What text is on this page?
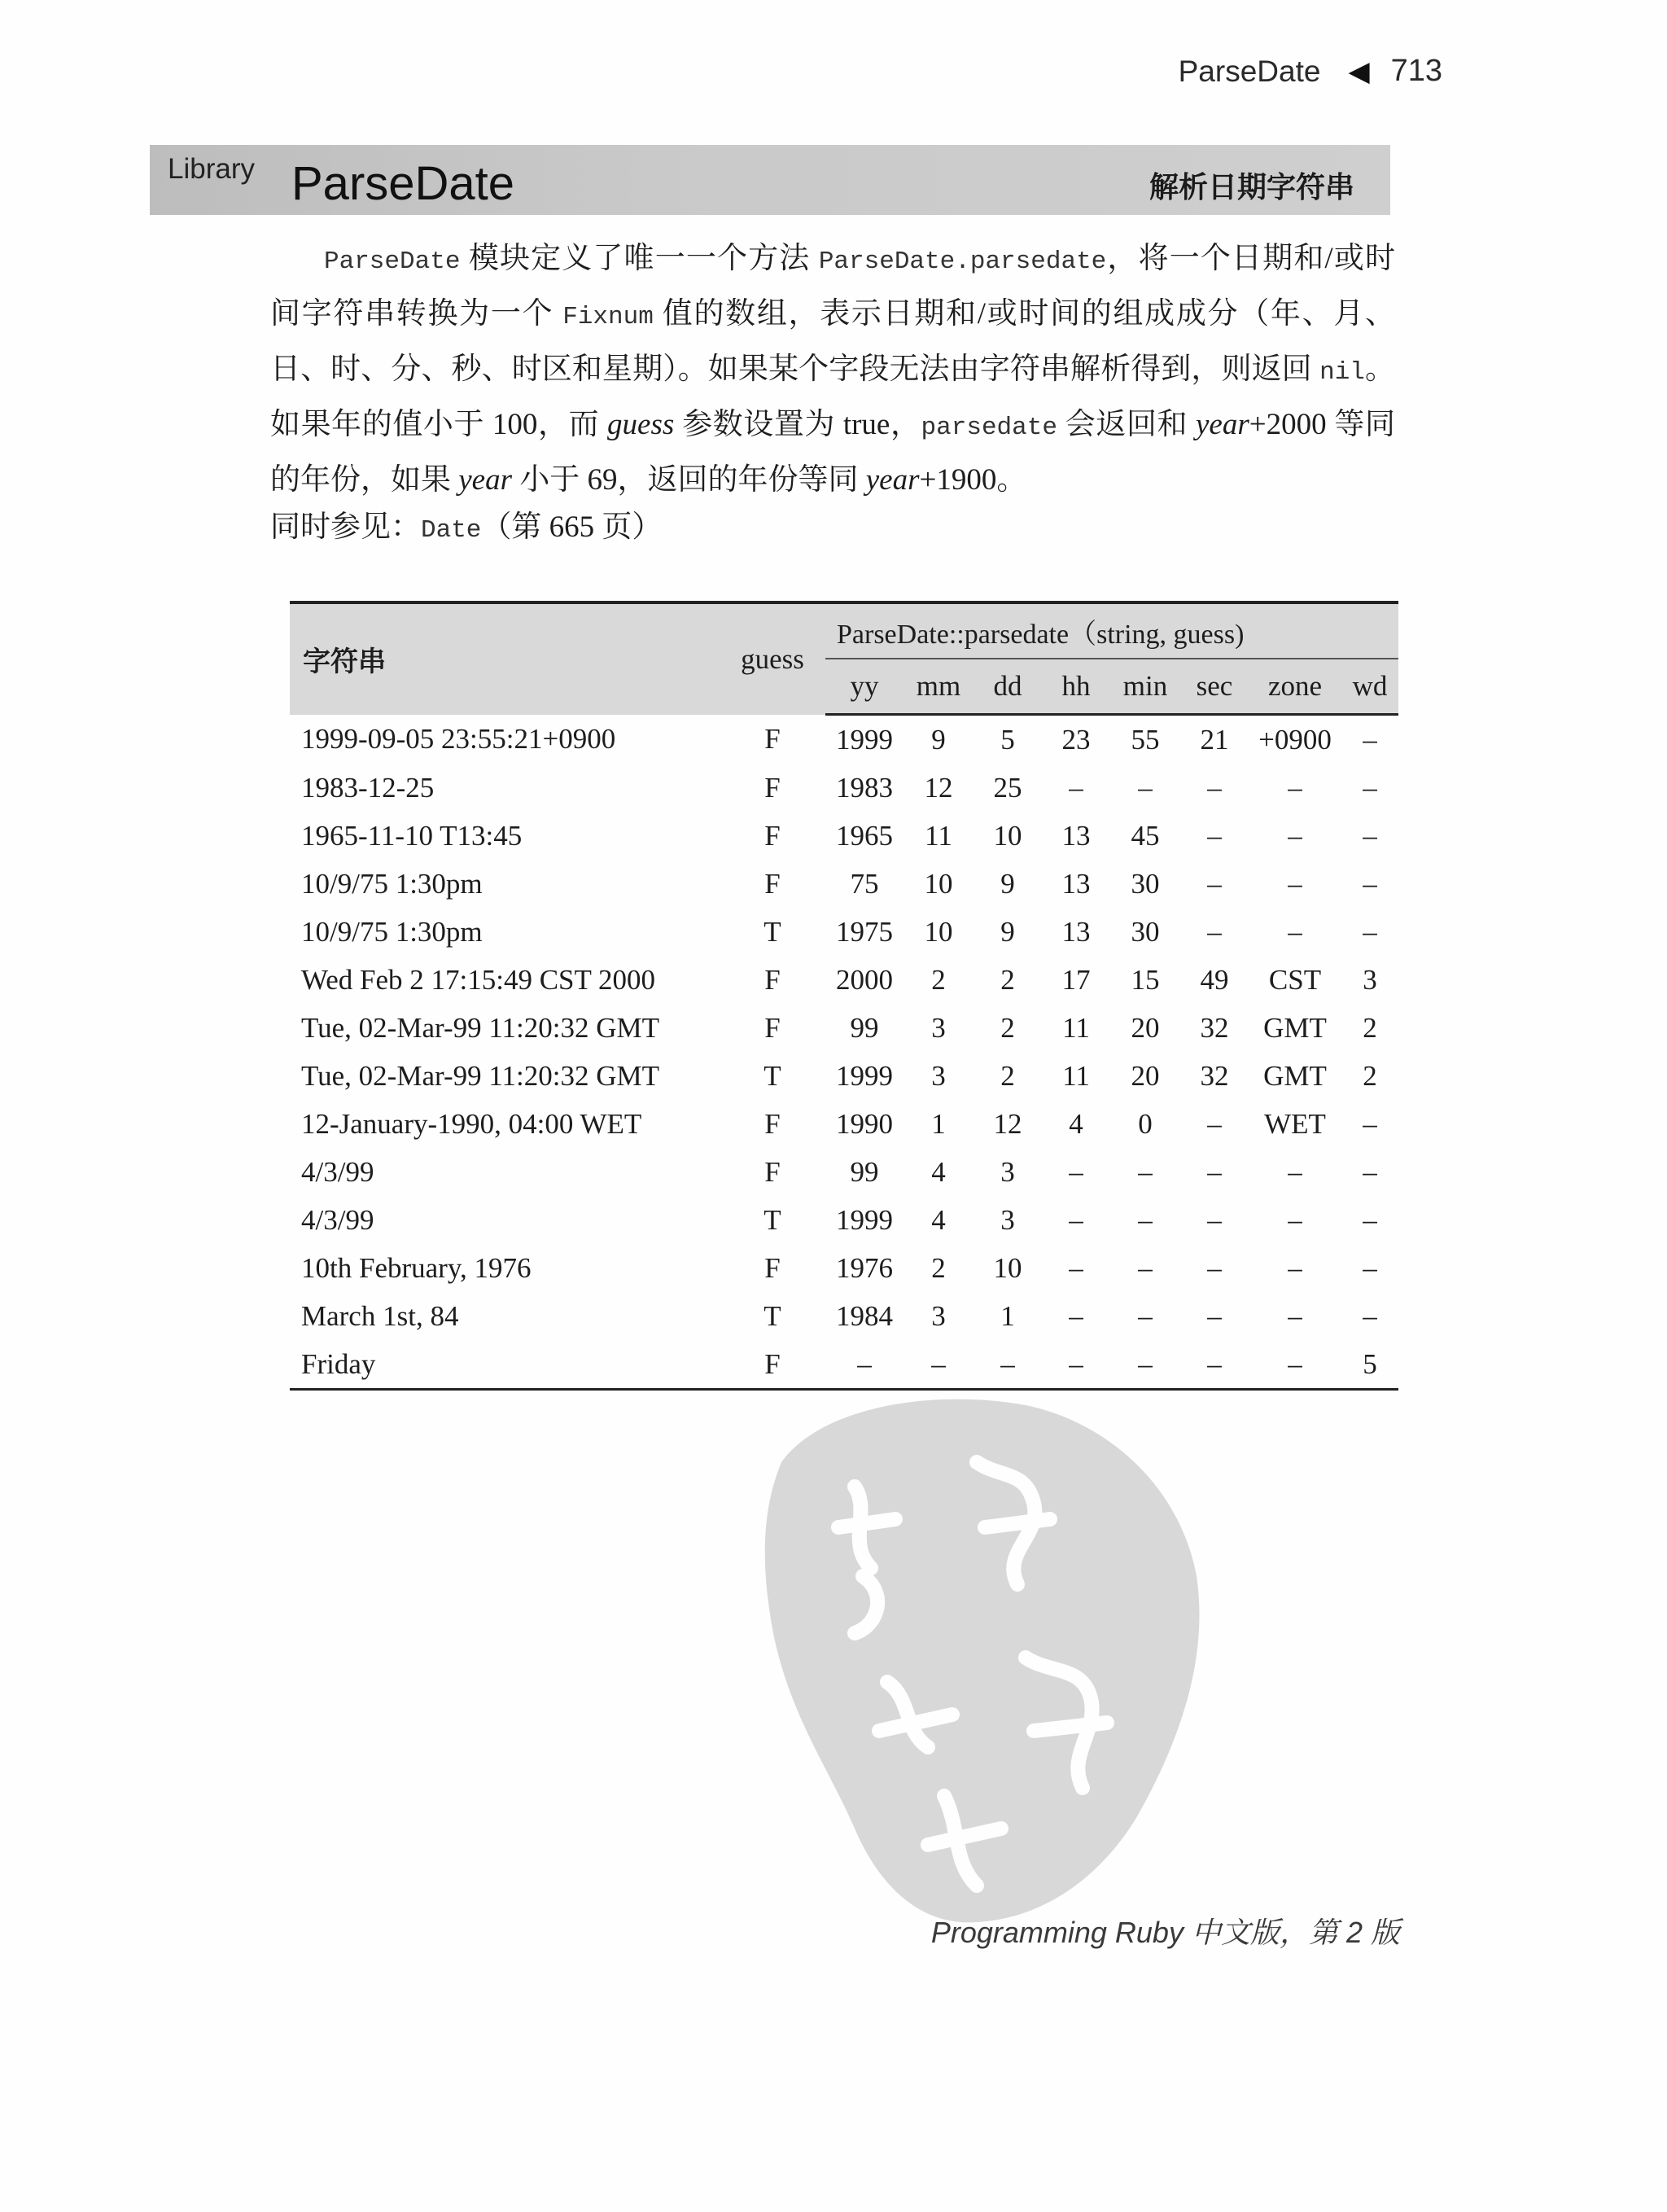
ParseDate ◀ 713
Library ParseDate	解析日期字符串
ParseDate 模块定义了唯一一个方法 ParseDate.parsedate，将一个日期和/或时间字符串转换为一个 Fixnum 值的数组，表示日期和/或时间的组成成分（年、月、日、时、分、秒、时区和星期）。如果某个字段无法由字符串解析得到，则返回 nil。如果年的值小于 100，而 guess 参数设置为 true，parsedate 会返回和 year+2000 等同的年份，如果 year 小于 69，返回的年份等同 year+1900。
同时参见：Date（第 665 页）
字符串	guess	ParseDate::parsedate（string, guess)							
		yy	mm	dd	hh	min	sec	zone	wd
1999-09-05 23:55:21+0900	F	1999	9	5	23	55	21	+0900	–
1983-12-25	F	1983	12	25	–	–	–	–	–
1965-11-10 T13:45	F	1965	11	10	13	45	–	–	–
10/9/75 1:30pm	F	75	10	9	13	30	–	–	–
10/9/75 1:30pm	T	1975	10	9	13	30	–	–	–
Wed Feb 2 17:15:49 CST 2000	F	2000	2	2	17	15	49	CST	3
Tue, 02-Mar-99 11:20:32 GMT	F	99	3	2	11	20	32	GMT	2
Tue, 02-Mar-99 11:20:32 GMT	T	1999	3	2	11	20	32	GMT	2
12-January-1990, 04:00 WET	F	1990	1	12	4	0	–	WET	–
4/3/99	F	99	4	3	–	–	–	–	–
4/3/99	T	1999	4	3	–	–	–	–	–
10th February, 1976	F	1976	2	10	–	–	–	–	–
March 1st, 84	T	1984	3	1	–	–	–	–	–
Friday	F	–	–	–	–	–	–	–	5
Programming Ruby 中文版，第 2 版
